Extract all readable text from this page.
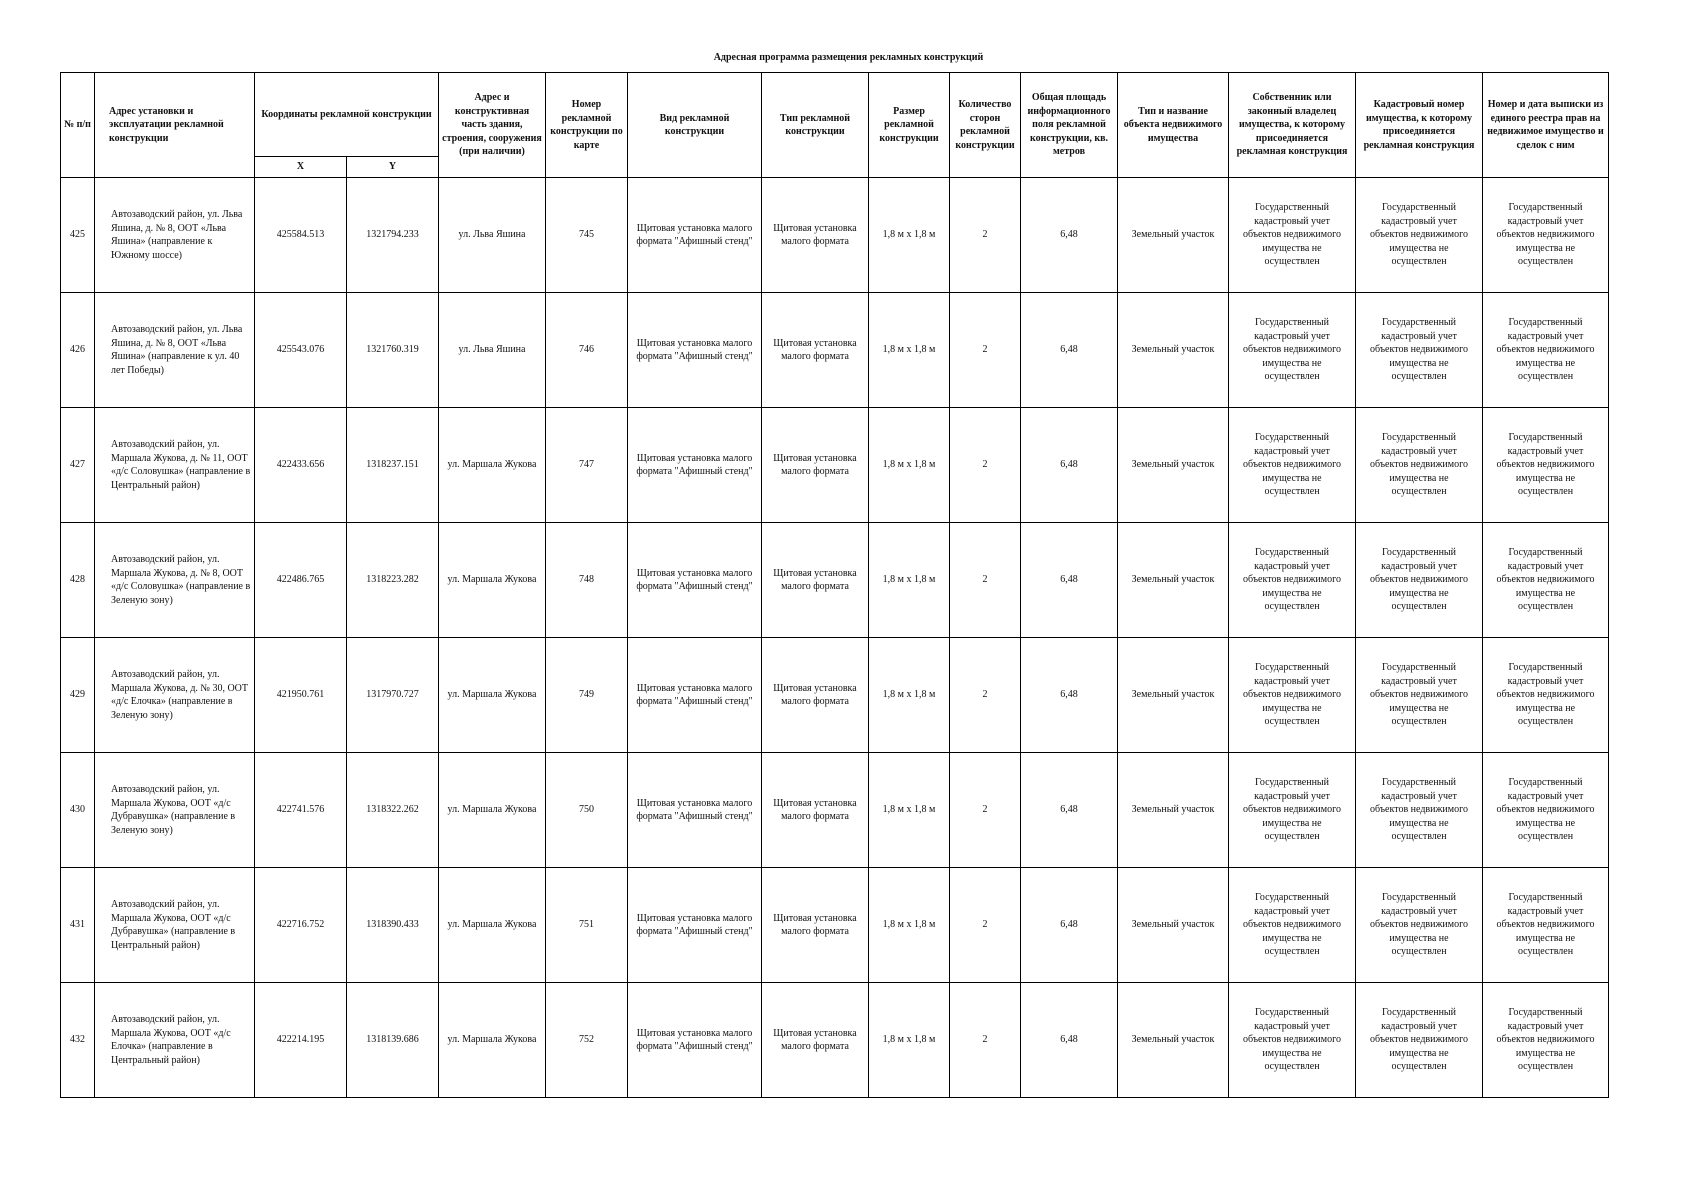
Адресная программа размещения рекламных конструкций
№ п/п	Адрес установки и эксплуатации рекламной конструкции	Координаты рекламной конструкции		Адрес и конструктивная часть здания, строения, сооружения (при наличии)	Номер рекламной конструкции по карте	Вид рекламной конструкции	Тип рекламной конструкции	Размер рекламной конструкции	Количество сторон рекламной конструкции	Общая площадь информационного поля рекламной конструкции, кв. метров	Тип и название объекта недвижимого имущества	Собственник или законный владелец имущества, к которому присоединяется рекламная конструкция	Кадастровый номер имущества, к которому присоединяется рекламная конструкция	Номер и дата выписки из единого реестра прав на недвижимое имущество и сделок с ним
		X	Y											
425	Автозаводский район, ул. Льва Яшина, д. № 8, ООТ «Льва Яшина» (направление к Южному шоссе)	425584.513	1321794.233	ул. Льва Яшина	745	Щитовая установка малого формата "Афишный стенд"	Щитовая установка малого формата	1,8 м х 1,8 м	2	6,48	Земельный участок	Государственный кадастровый учет объектов недвижимого имущества не осуществлен	Государственный кадастровый учет объектов недвижимого имущества не осуществлен	Государственный кадастровый учет объектов недвижимого имущества не осуществлен

426	Автозаводский район, ул. Льва Яшина, д. № 8, ООТ «Льва Яшина» (направление к ул. 40 лет Победы)	425543.076	1321760.319	ул. Льва Яшина	746	Щитовая установка малого формата "Афишный стенд"	Щитовая установка малого формата	1,8 м х 1,8 м	2	6,48	Земельный участок	Государственный кадастровый учет объектов недвижимого имущества не осуществлен	Государственный кадастровый учет объектов недвижимого имущества не осуществлен	Государственный кадастровый учет объектов недвижимого имущества не осуществлен

427	Автозаводский район, ул. Маршала Жукова, д. № 11, ООТ «д/с Соловушка» (направление в Центральный район)	422433.656	1318237.151	ул. Маршала Жукова	747	Щитовая установка малого формата "Афишный стенд"	Щитовая установка малого формата	1,8 м х 1,8 м	2	6,48	Земельный участок	Государственный кадастровый учет объектов недвижимого имущества не осуществлен	Государственный кадастровый учет объектов недвижимого имущества не осуществлен	Государственный кадастровый учет объектов недвижимого имущества не осуществлен

428	Автозаводский район, ул. Маршала Жукова, д. № 8, ООТ «д/с Соловушка» (направление в Зеленую зону)	422486.765	1318223.282	ул. Маршала Жукова	748	Щитовая установка малого формата "Афишный стенд"	Щитовая установка малого формата	1,8 м х 1,8 м	2	6,48	Земельный участок	Государственный кадастровый учет объектов недвижимого имущества не осуществлен	Государственный кадастровый учет объектов недвижимого имущества не осуществлен	Государственный кадастровый учет объектов недвижимого имущества не осуществлен

429	Автозаводский район, ул. Маршала Жукова, д. № 30, ООТ «д/с Елочка» (направление в Зеленую зону)	421950.761	1317970.727	ул. Маршала Жукова	749	Щитовая установка малого формата "Афишный стенд"	Щитовая установка малого формата	1,8 м х 1,8 м	2	6,48	Земельный участок	Государственный кадастровый учет объектов недвижимого имущества не осуществлен	Государственный кадастровый учет объектов недвижимого имущества не осуществлен	Государственный кадастровый учет объектов недвижимого имущества не осуществлен

430	Автозаводский район, ул. Маршала Жукова, ООТ «д/с Дубравушка» (направление в Зеленую зону)	422741.576	1318322.262	ул. Маршала Жукова	750	Щитовая установка малого формата "Афишный стенд"	Щитовая установка малого формата	1,8 м х 1,8 м	2	6,48	Земельный участок	Государственный кадастровый учет объектов недвижимого имущества не осуществлен	Государственный кадастровый учет объектов недвижимого имущества не осуществлен	Государственный кадастровый учет объектов недвижимого имущества не осуществлен

431	Автозаводский район, ул. Маршала Жукова, ООТ «д/с Дубравушка» (направление в Центральный район)	422716.752	1318390.433	ул. Маршала Жукова	751	Щитовая установка малого формата "Афишный стенд"	Щитовая установка малого формата	1,8 м х 1,8 м	2	6,48	Земельный участок	Государственный кадастровый учет объектов недвижимого имущества не осуществлен	Государственный кадастровый учет объектов недвижимого имущества не осуществлен	Государственный кадастровый учет объектов недвижимого имущества не осуществлен

432	Автозаводский район, ул. Маршала Жукова, ООТ «д/с Елочка» (направление в Центральный район)	422214.195	1318139.686	ул. Маршала Жукова	752	Щитовая установка малого формата "Афишный стенд"	Щитовая установка малого формата	1,8 м х 1,8 м	2	6,48	Земельный участок	Государственный кадастровый учет объектов недвижимого имущества не осуществлен	Государственный кадастровый учет объектов недвижимого имущества не осуществлен	Государственный кадастровый учет объектов недвижимого имущества не осуществлен
